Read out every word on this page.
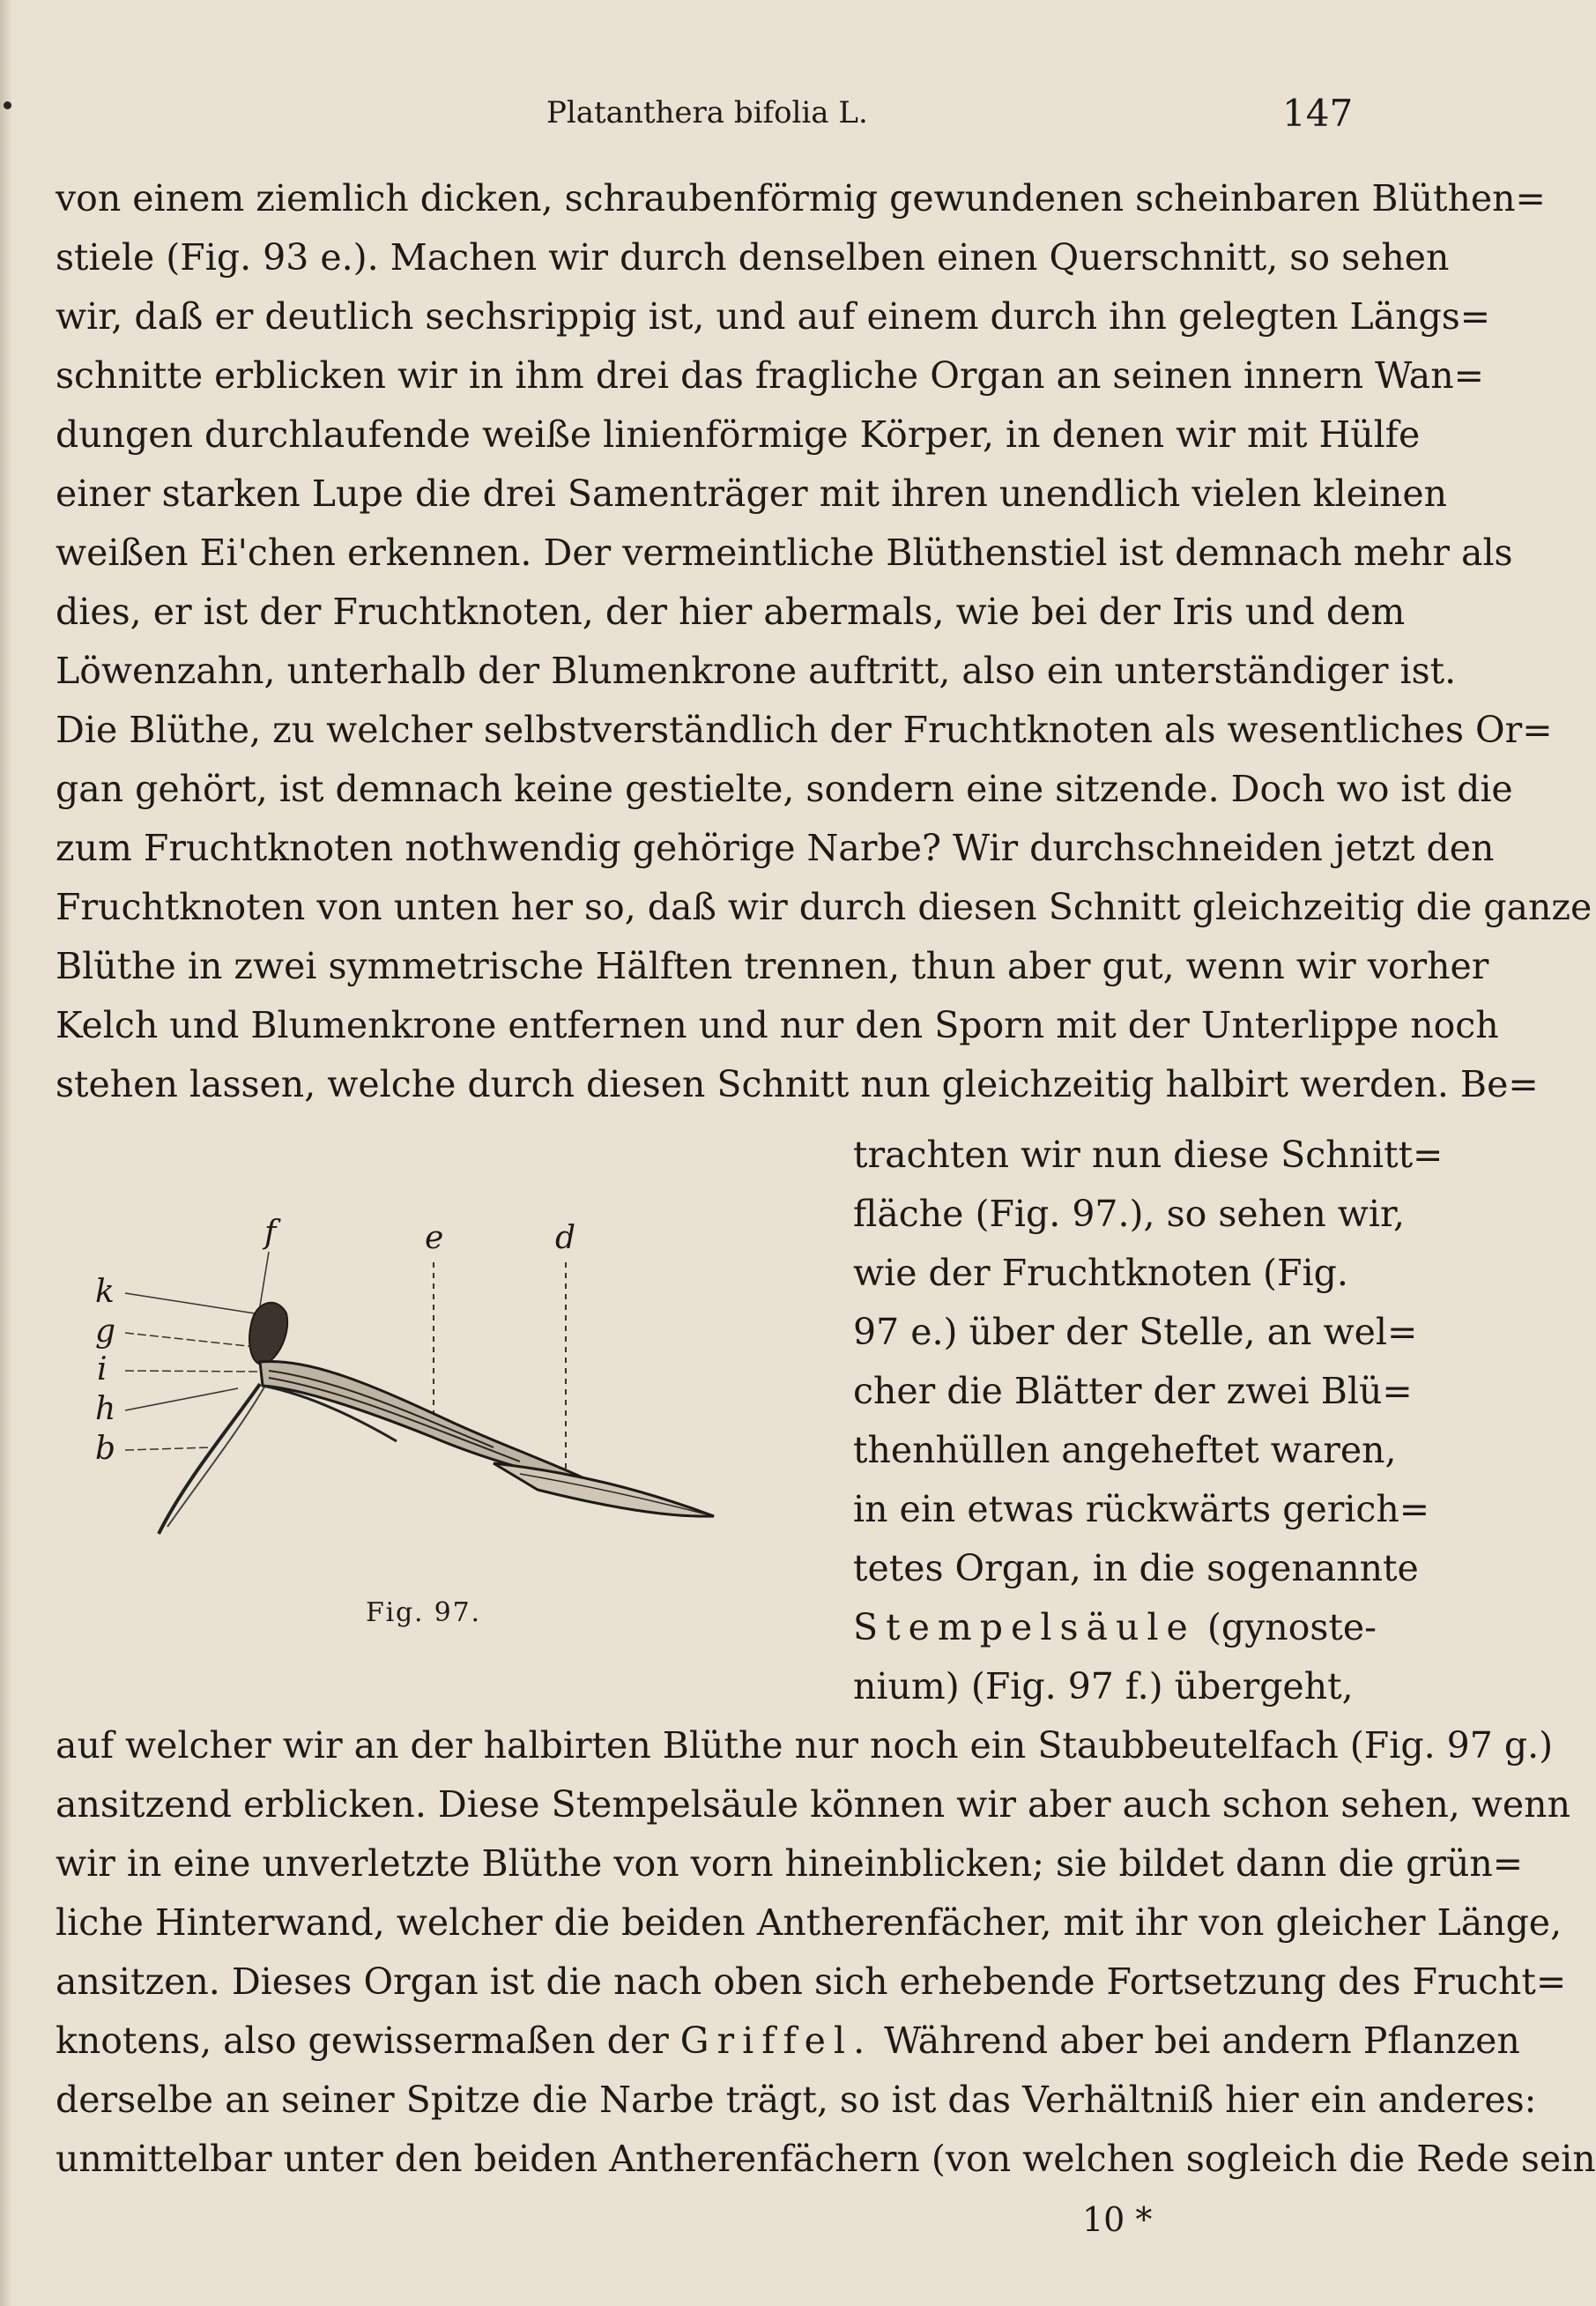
Platanthera bifolia L.	147
von einem ziemlich dicken, schraubenförmig gewundenen scheinbaren Blüthen=
stiele (Fig. 93 e.). Machen wir durch denselben einen Querschnitt, so sehen
wir, daß er deutlich sechsrippig ist, und auf einem durch ihn gelegten Längs=
schnitte erblicken wir in ihm drei das fragliche Organ an seinen innern Wan=
dungen durchlaufende weiße linienförmige Körper, in denen wir mit Hülfe
einer starken Lupe die drei Samenträger mit ihren unendlich vielen kleinen
weißen Ei'chen erkennen. Der vermeintliche Blüthenstiel ist demnach mehr als
dies, er ist der Fruchtknoten, der hier abermals, wie bei der Iris und dem
Löwenzahn, unterhalb der Blumenkrone auftritt, also ein unterständiger ist.
Die Blüthe, zu welcher selbstverständlich der Fruchtknoten als wesentliches Or=
gan gehört, ist demnach keine gestielte, sondern eine sitzende. Doch wo ist die
zum Fruchtknoten nothwendig gehörige Narbe? Wir durchschneiden jetzt den
Fruchtknoten von unten her so, daß wir durch diesen Schnitt gleichzeitig die ganze
Blüthe in zwei symmetrische Hälften trennen, thun aber gut, wenn wir vorher
Kelch und Blumenkrone entfernen und nur den Sporn mit der Unterlippe noch
stehen lassen, welche durch diesen Schnitt nun gleichzeitig halbirt werden. Be=
trachten wir nun diese Schnitt=
fläche (Fig. 97.), so sehen wir,
wie der Fruchtknoten (Fig.
97 e.) über der Stelle, an wel=
cher die Blätter der zwei Blü=
thenhüllen angeheftet waren,
in ein etwas rückwärts gerich=
tetes Organ, in die sogenannte
Stempelsäule (gynoste-
nium) (Fig. 97 f.) übergeht,
f	e	d
k
g
i
h
b
Fig. 97.
auf welcher wir an der halbirten Blüthe nur noch ein Staubbeutelfach (Fig. 97 g.)
ansitzend erblicken. Diese Stempelsäule können wir aber auch schon sehen, wenn
wir in eine unverletzte Blüthe von vorn hineinblicken; sie bildet dann die grün=
liche Hinterwand, welcher die beiden Antherenfächer, mit ihr von gleicher Länge,
ansitzen. Dieses Organ ist die nach oben sich erhebende Fortsetzung des Frucht=
knotens, also gewissermaßen der Griffel. Während aber bei andern Pflanzen
derselbe an seiner Spitze die Narbe trägt, so ist das Verhältniß hier ein anderes:
unmittelbar unter den beiden Antherenfächern (von welchen sogleich die Rede sein
10 *
